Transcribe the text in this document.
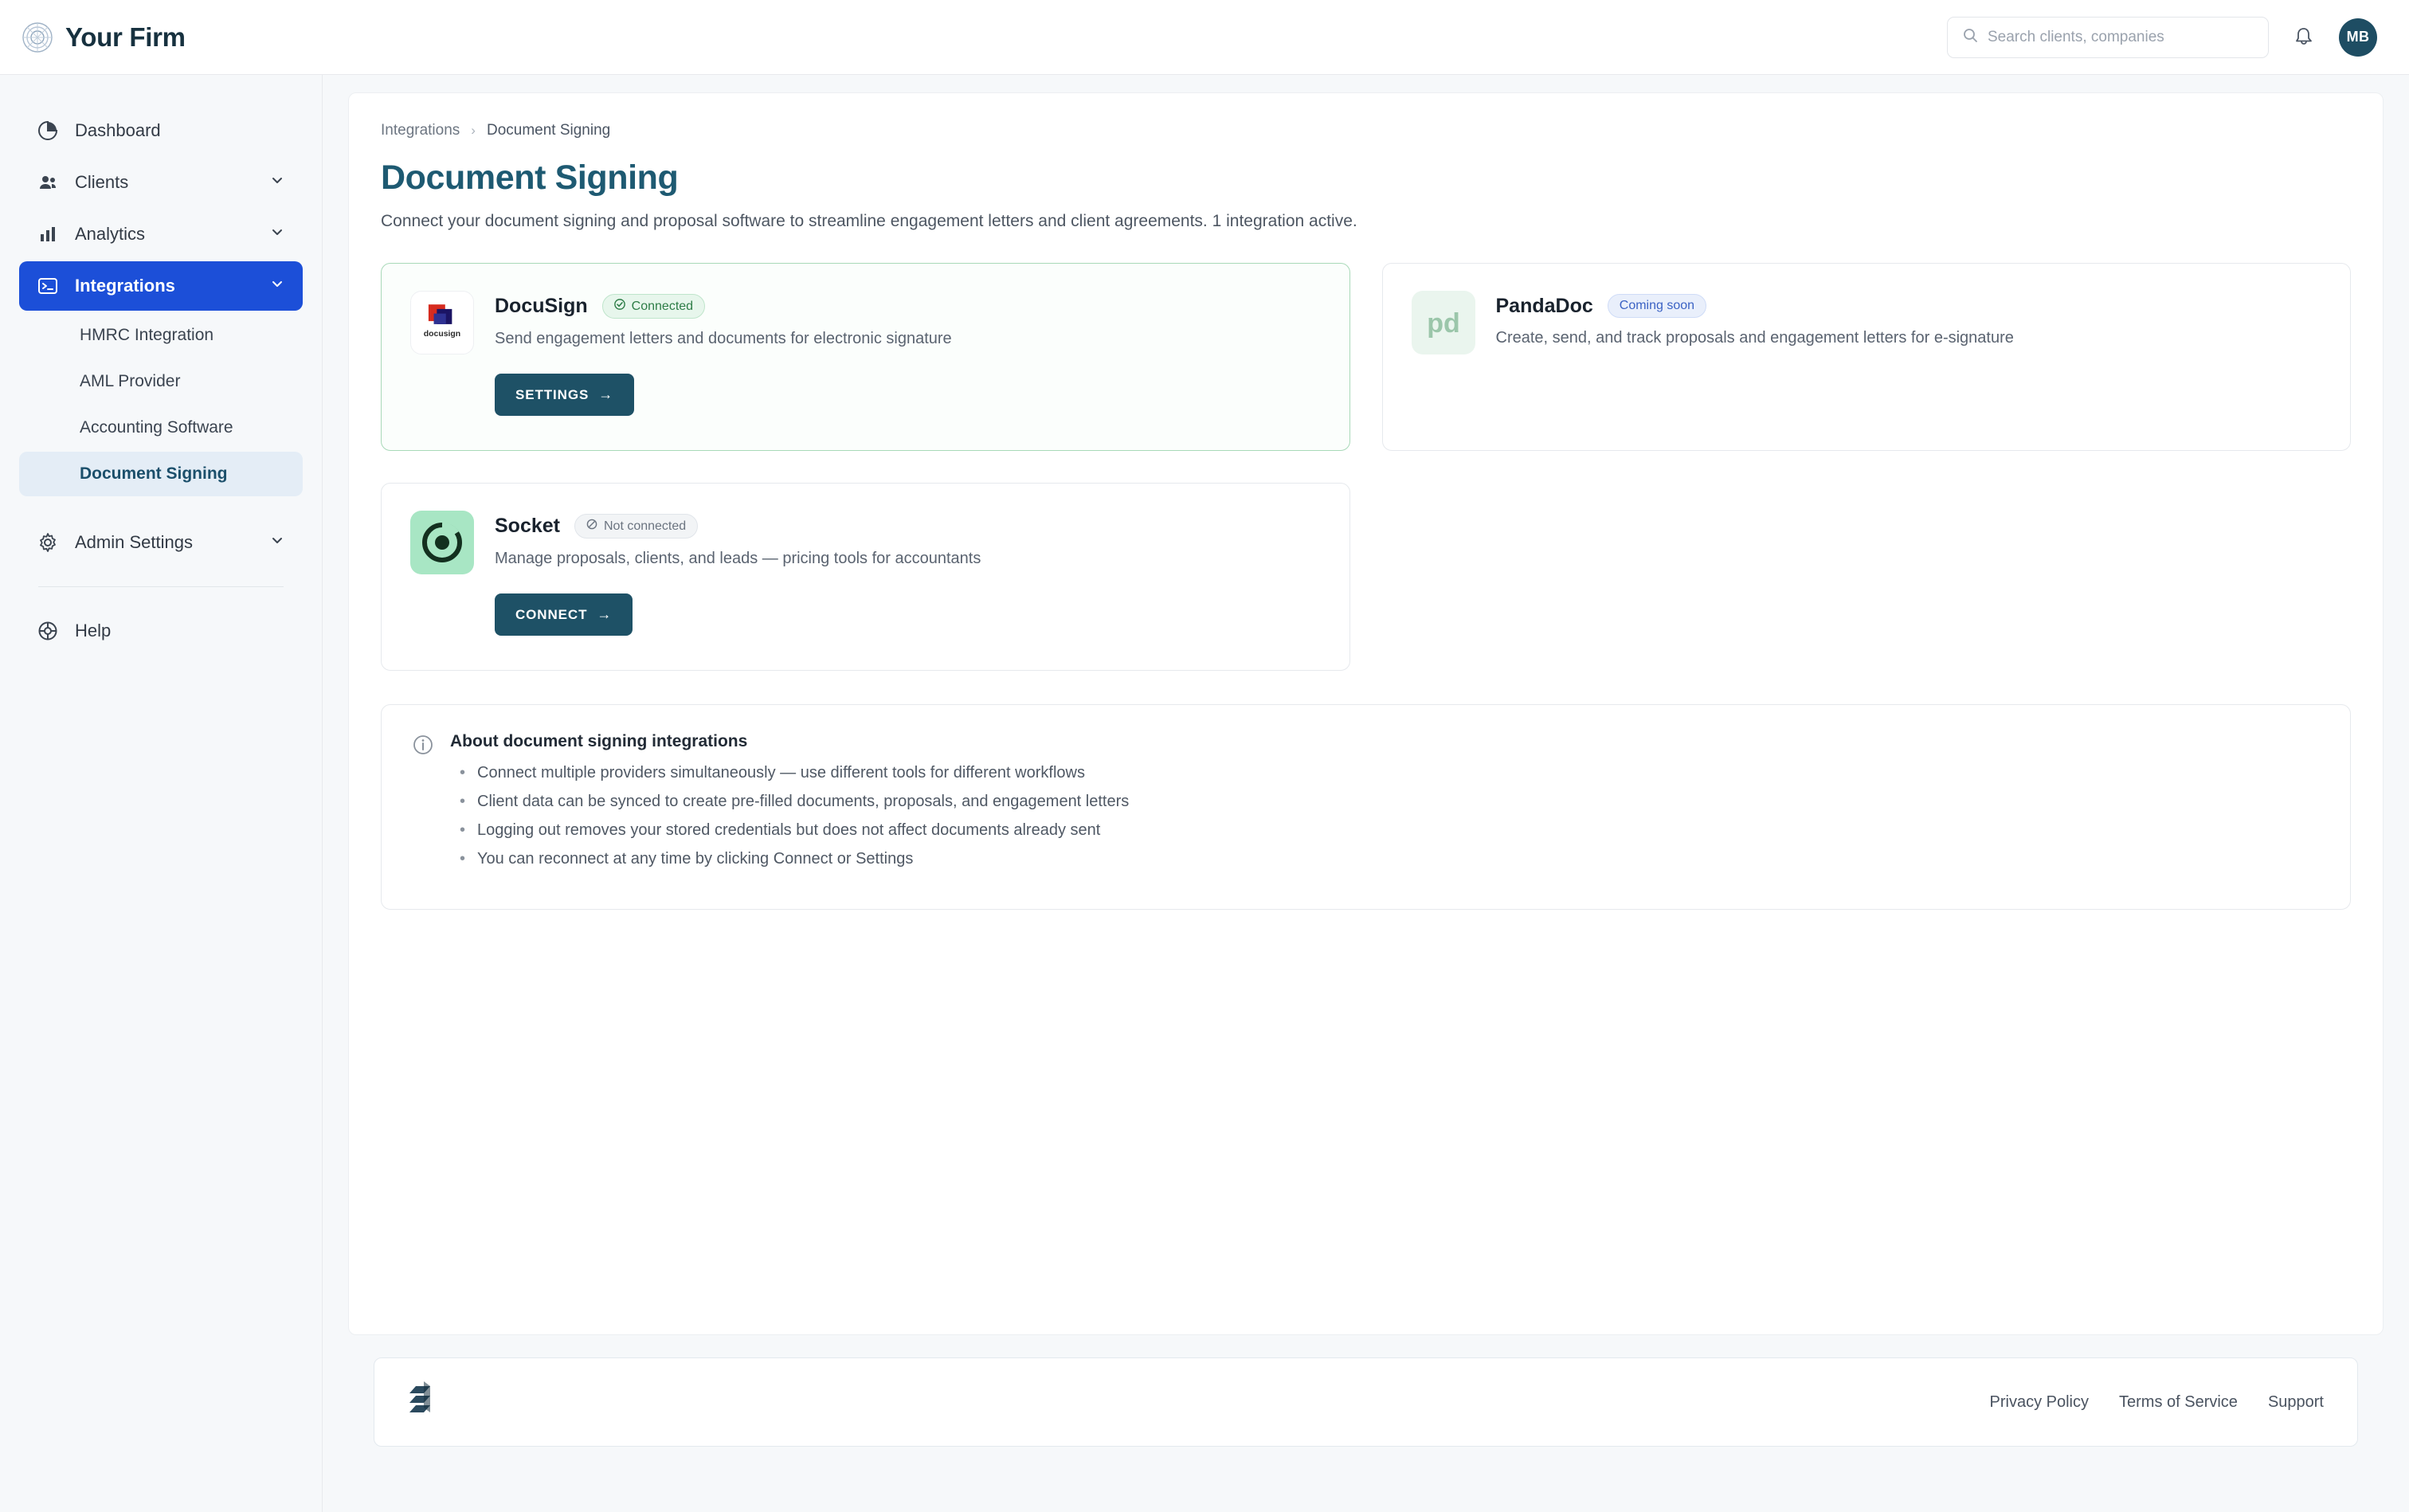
Your Firm
Search clients, companies	MB
Dashboard
Clients
Analytics
Integrations
HMRC Integration
AML Provider
Accounting Software
Document Signing
Admin Settings
Help
Integrations › Document Signing
Document Signing

Connect your document signing and proposal software to streamline engagement letters and client agreements. 1 integration active.

docusign
DocuSign	Connected
Send engagement letters and documents for electronic signature
SETTINGS →
pd
PandaDoc Coming soon
Create, send, and track proposals and engagement letters for e-signature
Socket	Not connected
Manage proposals, clients, and leads — pricing tools for accountants
CONNECT →
About document signing integrations
• Connect multiple providers simultaneously — use different tools for different workflows
• Client data can be synced to create pre-filled documents, proposals, and engagement letters
• Logging out removes your stored credentials but does not affect documents already sent
• You can reconnect at any time by clicking Connect or Settings
Privacy Policy Terms of Service Support
